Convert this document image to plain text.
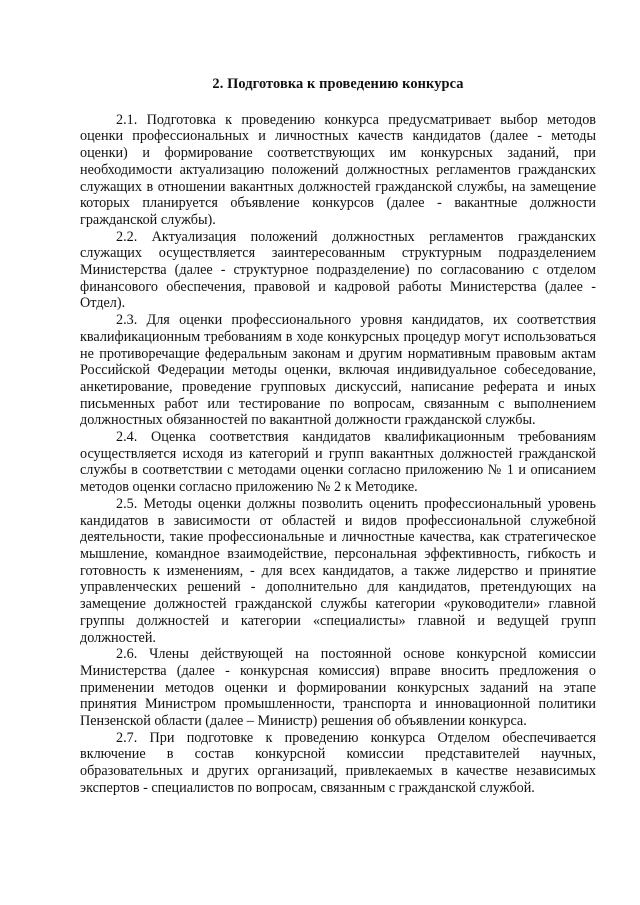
2. Подготовка к проведению конкурса

2.1. Подготовка к проведению конкурса предусматривает выбор методов оценки профессиональных и личностных качеств кандидатов (далее - методы оценки) и формирование соответствующих им конкурсных заданий, при необходимости актуализацию положений должностных регламентов гражданских служащих в отношении вакантных должностей гражданской службы, на замещение которых планируется объявление конкурсов (далее - вакантные должности гражданской службы).

2.2. Актуализация положений должностных регламентов гражданских служащих осуществляется заинтересованным структурным подразделением Министерства (далее - структурное подразделение) по согласованию с отделом финансового обеспечения, правовой и кадровой работы Министерства (далее - Отдел).

2.3. Для оценки профессионального уровня кандидатов, их соответствия квалификационным требованиям в ходе конкурсных процедур могут использоваться не противоречащие федеральным законам и другим нормативным правовым актам Российской Федерации методы оценки, включая индивидуальное собеседование, анкетирование, проведение групповых дискуссий, написание реферата и иных письменных работ или тестирование по вопросам, связанным с выполнением должностных обязанностей по вакантной должности гражданской службы.

2.4. Оценка соответствия кандидатов квалификационным требованиям осуществляется исходя из категорий и групп вакантных должностей гражданской службы в соответствии с методами оценки согласно приложению № 1 и описанием методов оценки согласно приложению № 2 к Методике.

2.5. Методы оценки должны позволить оценить профессиональный уровень кандидатов в зависимости от областей и видов профессиональной служебной деятельности, такие профессиональные и личностные качества, как стратегическое мышление, командное взаимодействие, персональная эффективность, гибкость и готовность к изменениям, - для всех кандидатов, а также лидерство и принятие управленческих решений - дополнительно для кандидатов, претендующих на замещение должностей гражданской службы категории «руководители» главной группы должностей и категории «специалисты» главной и ведущей групп должностей.

2.6. Члены действующей на постоянной основе конкурсной комиссии Министерства (далее - конкурсная комиссия) вправе вносить предложения о применении методов оценки и формировании конкурсных заданий на этапе принятия Министром промышленности, транспорта и инновационной политики Пензенской области (далее – Министр) решения об объявлении конкурса.

2.7. При подготовке к проведению конкурса Отделом обеспечивается включение в состав конкурсной комиссии представителей научных, образовательных и других организаций, привлекаемых в качестве независимых экспертов - специалистов по вопросам, связанным с гражданской службой.
